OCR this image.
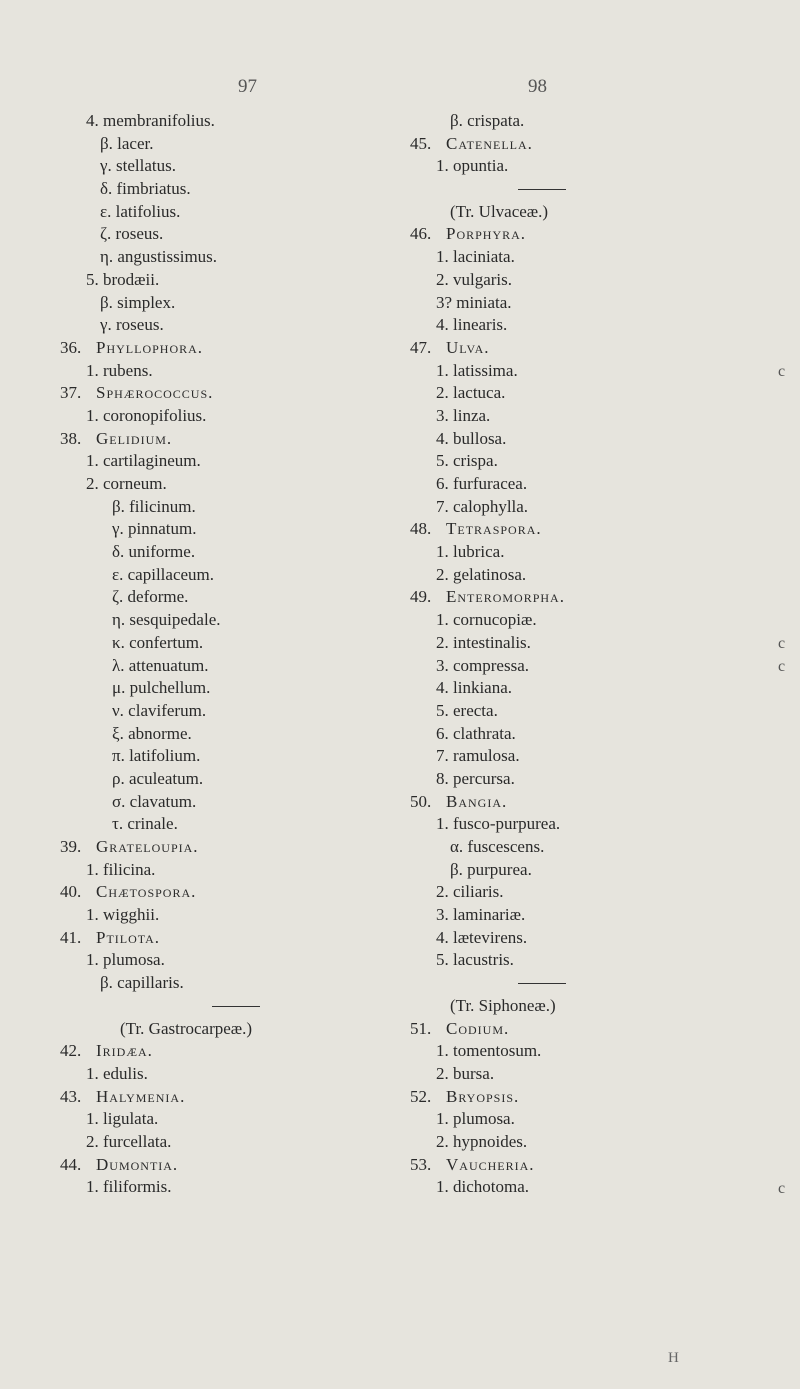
97	98
4. membranifolius.
β. lacer.
γ. stellatus.
δ. fimbriatus.
ε. latifolius.
ζ. roseus.
η. angustissimus.
5. brodæii.
β. simplex.
γ. roseus.
36. Phyllophora.
1. rubens.
37. Sphærococcus.
1. coronopifolius.
38. Gelidium.
1. cartilagineum.
2. corneum.
β. filicinum.
γ. pinnatum.
δ. uniforme.
ε. capillaceum.
ζ. deforme.
η. sesquipedale.
κ. confertum.
λ. attenuatum.
μ. pulchellum.
ν. claviferum.
ξ. abnorme.
π. latifolium.
ρ. aculeatum.
σ. clavatum.
τ. crinale.
39. Grateloupia.
1. filicina.
40. Chætospora.
1. wigghii.
41. Ptilota.
1. plumosa.
β. capillaris.
(Tr. Gastrocarpeæ.)
42. Iridæa.
1. edulis.
43. Halymenia.
1. ligulata.
2. furcellata.
44. Dumontia.
1. filiformis.
β. crispata.
45. Catenella.
1. opuntia.
(Tr. Ulvaceæ.)
46. Porphyra.
1. laciniata.
2. vulgaris.
3? miniata.
4. linearis.
47. Ulva.
1. latissima.
2. lactuca.
3. linza.
4. bullosa.
5. crispa.
6. furfuracea.
7. calophylla.
48. Tetraspora.
1. lubrica.
2. gelatinosa.
49. Enteromorpha.
1. cornucopiæ.
2. intestinalis.
3. compressa.
4. linkiana.
5. erecta.
6. clathrata.
7. ramulosa.
8. percursa.
50. Bangia.
1. fusco-purpurea.
α. fuscescens.
β. purpurea.
2. ciliaris.
3. laminariæ.
4. lætevirens.
5. lacustris.
(Tr. Siphoneæ.)
51. Codium.
1. tomentosum.
2. bursa.
52. Bryopsis.
1. plumosa.
2. hypnoides.
53. Vaucheria.
1. dichotoma.
c
c
c
c
H
